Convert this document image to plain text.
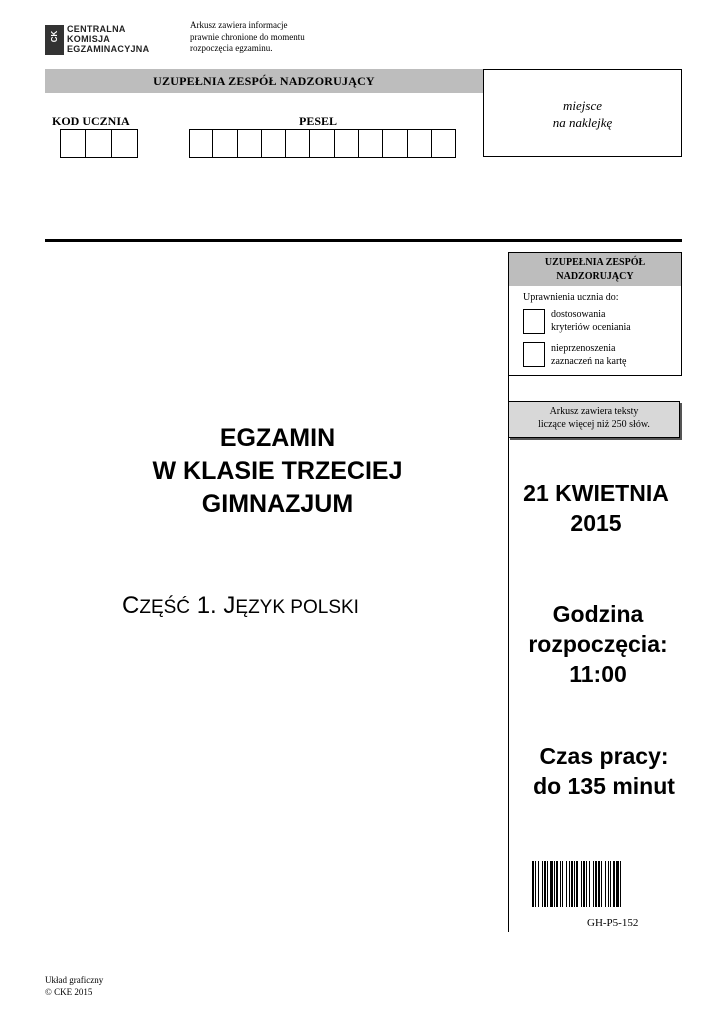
CK
CENTRALNA
KOMISJA
EGZAMINACYJNA
Arkusz zawiera informacje
prawnie chronione do momentu
rozpoczęcia egzaminu.
UZUPEŁNIA ZESPÓŁ NADZORUJĄCY
miejsce
na naklejkę
KOD UCZNIA	PESEL
UZUPEŁNIA ZESPÓŁ
NADZORUJĄCY
Uprawnienia ucznia do:
dostosowania
kryteriów oceniania
nieprzenoszenia
zaznaczeń na kartę
Arkusz zawiera teksty
liczące więcej niż 250 słów.
EGZAMIN
W KLASIE TRZECIEJ
GIMNAZJUM
CZĘŚĆ 1. JĘZYK POLSKI
21 KWIETNIA
2015
Godzina
rozpoczęcia:
11:00
Czas pracy:
do 135 minut
GH-P5-152
Układ graficzny
© CKE 2015
